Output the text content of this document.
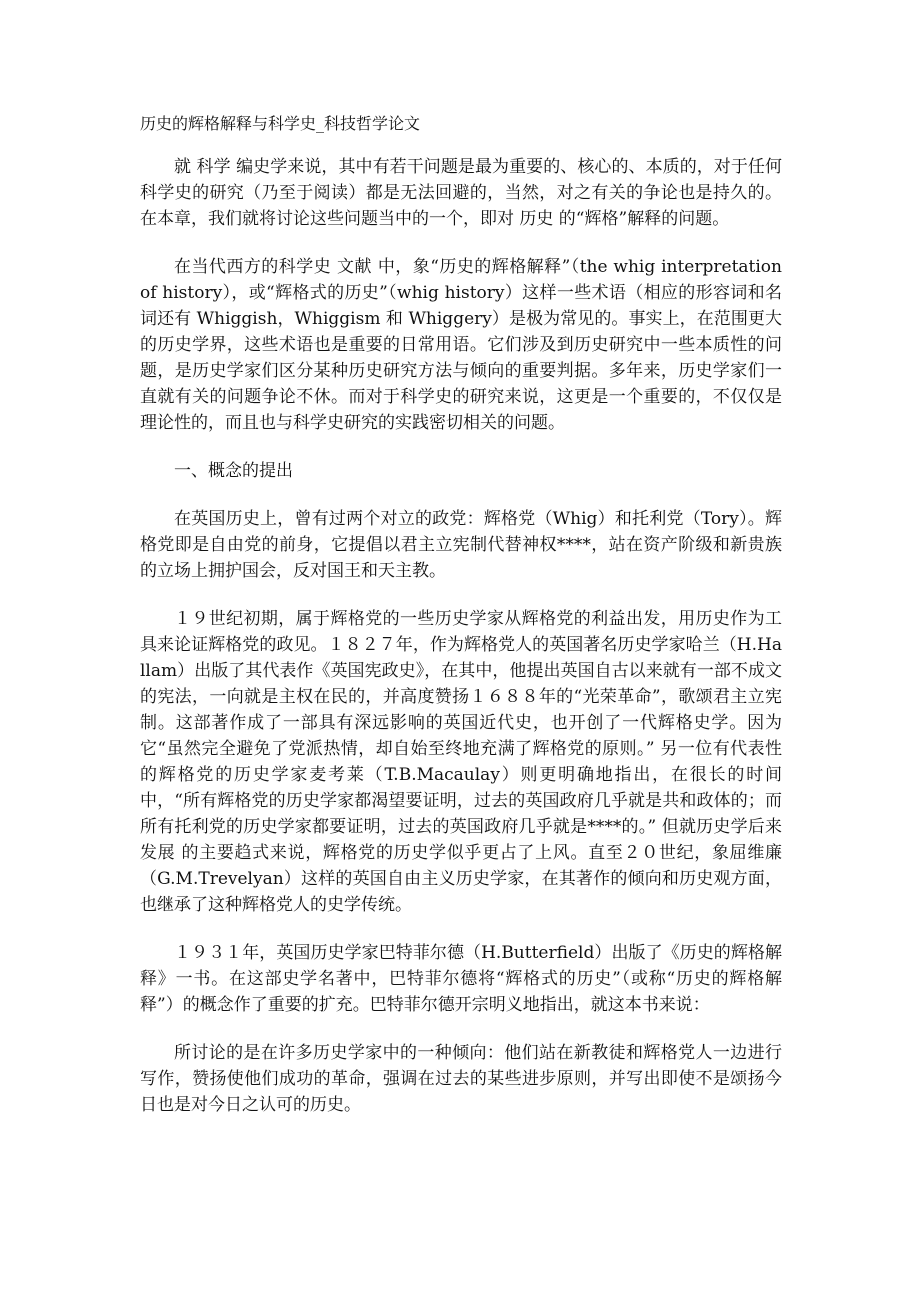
历史的辉格解释与科学史_科技哲学论文

就 科学 编史学来说，其中有若干问题是最为重要的、核心的、本质的，对于任何科学史的研究（乃至于阅读）都是无法回避的，当然，对之有关的争论也是持久的。在本章，我们就将讨论这些问题当中的一个，即对 历史 的“辉格”解释的问题。

在当代西方的科学史 文献 中，象“历史的辉格解释”（the whig interpretation of history），或“辉格式的历史”（whig history）这样一些术语（相应的形容词和名词还有 Whiggish，Whiggism 和 Whiggery）是极为常见的。事实上，在范围更大的历史学界，这些术语也是重要的日常用语。它们涉及到历史研究中一些本质性的问题，是历史学家们区分某种历史研究方法与倾向的重要判据。多年来，历史学家们一直就有关的问题争论不休。而对于科学史的研究来说，这更是一个重要的，不仅仅是理论性的，而且也与科学史研究的实践密切相关的问题。

一、概念的提出

在英国历史上，曾有过两个对立的政党：辉格党（Whig）和托利党（Tory）。辉格党即是自由党的前身，它提倡以君主立宪制代替神权****，站在资产阶级和新贵族的立场上拥护国会，反对国王和天主教。

１９世纪初期，属于辉格党的一些历史学家从辉格党的利益出发，用历史作为工具来论证辉格党的政见。１８２７年，作为辉格党人的英国著名历史学家哈兰（H.Hallam）出版了其代表作《英国宪政史》，在其中，他提出英国自古以来就有一部不成文的宪法，一向就是主权在民的，并高度赞扬１６８８年的“光荣革命”，歌颂君主立宪制。这部著作成了一部具有深远影响的英国近代史，也开创了一代辉格史学。因为它“虽然完全避免了党派热情，却自始至终地充满了辉格党的原则。” 另一位有代表性的辉格党的历史学家麦考莱（T.B.Macaulay）则更明确地指出，在很长的时间中，“所有辉格党的历史学家都渴望要证明，过去的英国政府几乎就是共和政体的；而所有托利党的历史学家都要证明，过去的英国政府几乎就是****的。” 但就历史学后来 发展 的主要趋式来说，辉格党的历史学似乎更占了上风。直至２０世纪，象屈维廉（G.M.Trevelyan）这样的英国自由主义历史学家，在其著作的倾向和历史观方面，也继承了这种辉格党人的史学传统。

１９３１年，英国历史学家巴特菲尔德（H.Butterfield）出版了《历史的辉格解释》一书。在这部史学名著中，巴特菲尔德将“辉格式的历史”（或称“历史的辉格解释”）的概念作了重要的扩充。巴特菲尔德开宗明义地指出，就这本书来说：

所讨论的是在许多历史学家中的一种倾向：他们站在新教徒和辉格党人一边进行写作，赞扬使他们成功的革命，强调在过去的某些进步原则，并写出即使不是颂扬今日也是对今日之认可的历史。
